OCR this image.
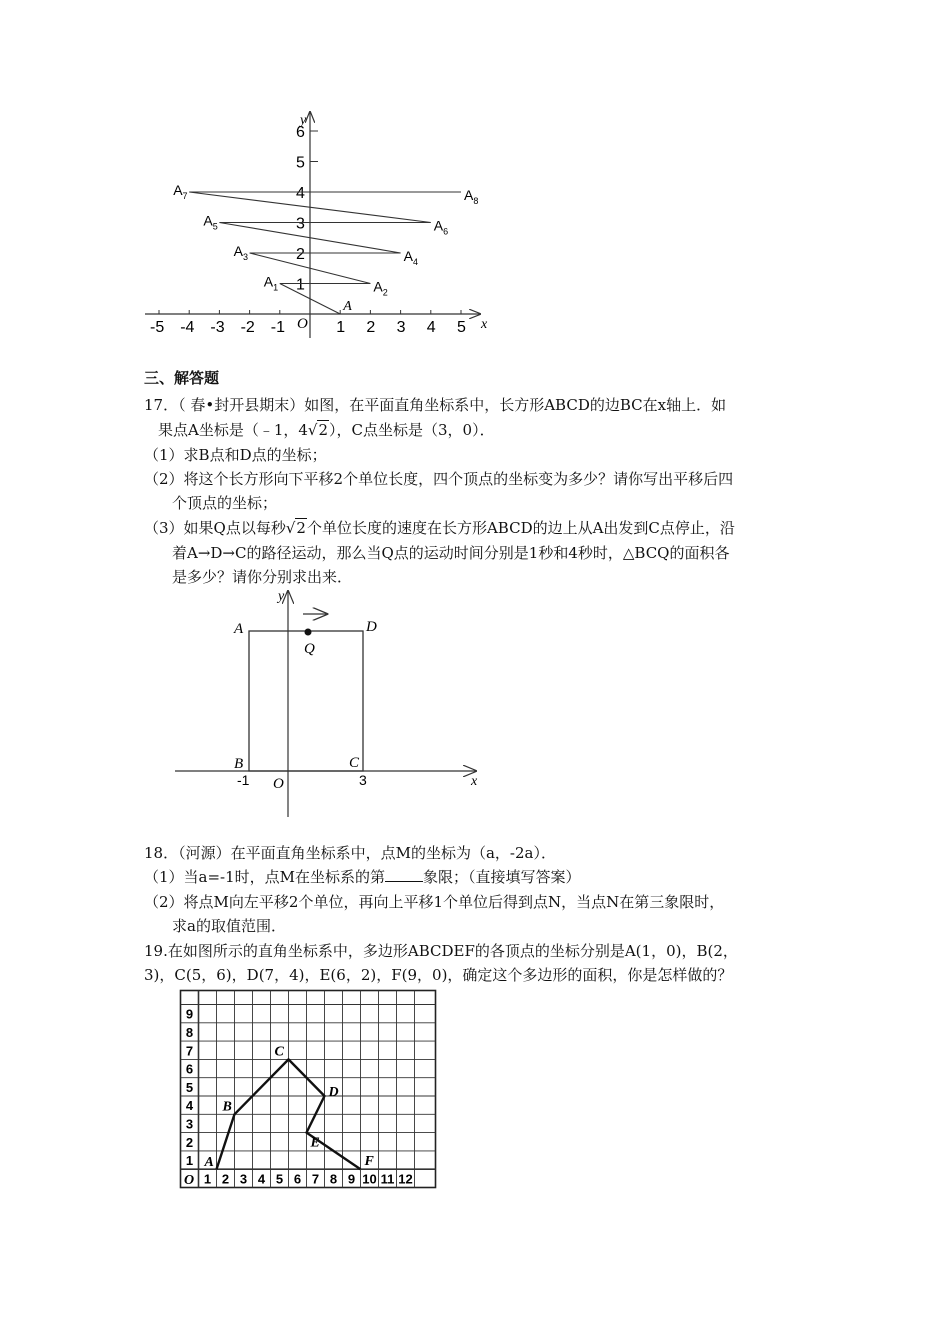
-5 -4 -3 -2 -1	1 2 3 4 5
1
2
3
4
5
6
A
$A_1$	$A_2$
$A_3$	$A_4$
$A_5$	$A_6$
$A_7$	$A_8$
O	x
y
三、解答题
17．（ 春•封开县期末）如图，在平面直角坐标系中，长方形ABCD的边BC在x轴上．如
果点A坐标是（﹣1，4√2），C点坐标是（3，0）．
（1）求B点和D点的坐标；
（2）将这个长方形向下平移2个单位长度，四个顶点的坐标变为多少？请你写出平移后四
个顶点的坐标；
（3）如果Q点以每秒√2个单位长度的速度在长方形ABCD的边上从A出发到C点停止，沿
着A→D→C的路径运动，那么当Q点的运动时间分别是1秒和4秒时，△BCQ的面积各
是多少？请你分别求出来．
A	D
Q
B	C
O
-1	3	x
y
18．（河源）在平面直角坐标系中，点M的坐标为（a，-2a）．
（1）当a=-1时，点M在坐标系的第	象限；（直接填写答案）
（2）将点M向左平移2个单位，再向上平移1个单位后得到点N，当点N在第三象限时，
求a的取值范围．
19.在如图所示的直角坐标系中，多边形ABCDEF的各顶点的坐标分别是A(1，0)，B(2，
3)，C(5，6)，D(7，4)，E(6，2)，F(9，0)，确定这个多边形的面积，你是怎样做的？
1 2 3 4 5 6 7 8 9 10 11 12
1
2
3
4
5
6
7
8
9
A
B
C
D
E
F
O
